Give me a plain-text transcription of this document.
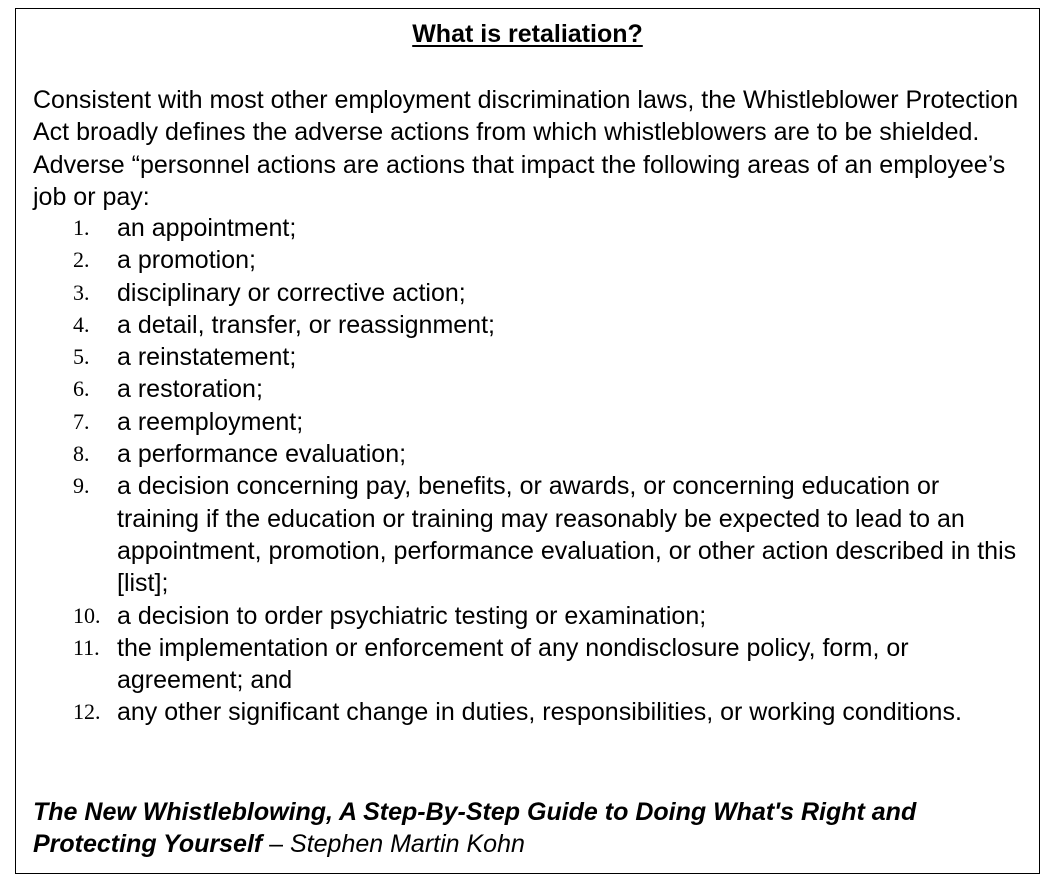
What is retaliation?

Consistent with most other employment discrimination laws, the Whistleblower Protection Act broadly defines the adverse actions from which whistleblowers are to be shielded. Adverse “personnel actions are actions that impact the following areas of an employee’s job or pay:

1.	an appointment;
2.	a promotion;
3.	disciplinary or corrective action;
4.	a detail, transfer, or reassignment;
5.	a reinstatement;
6.	a restoration;
7.	a reemployment;
8.	a performance evaluation;
9.	a decision concerning pay, benefits, or awards, or concerning education or training if the education or training may reasonably be expected to lead to an appointment, promotion, performance evaluation, or other action described in this [list];
10. a decision to order psychiatric testing or examination;
11. the implementation or enforcement of any nondisclosure policy, form, or agreement; and
12. any other significant change in duties, responsibilities, or working conditions.

The New Whistleblowing, A Step-By-Step Guide to Doing What's Right and Protecting Yourself – Stephen Martin Kohn
